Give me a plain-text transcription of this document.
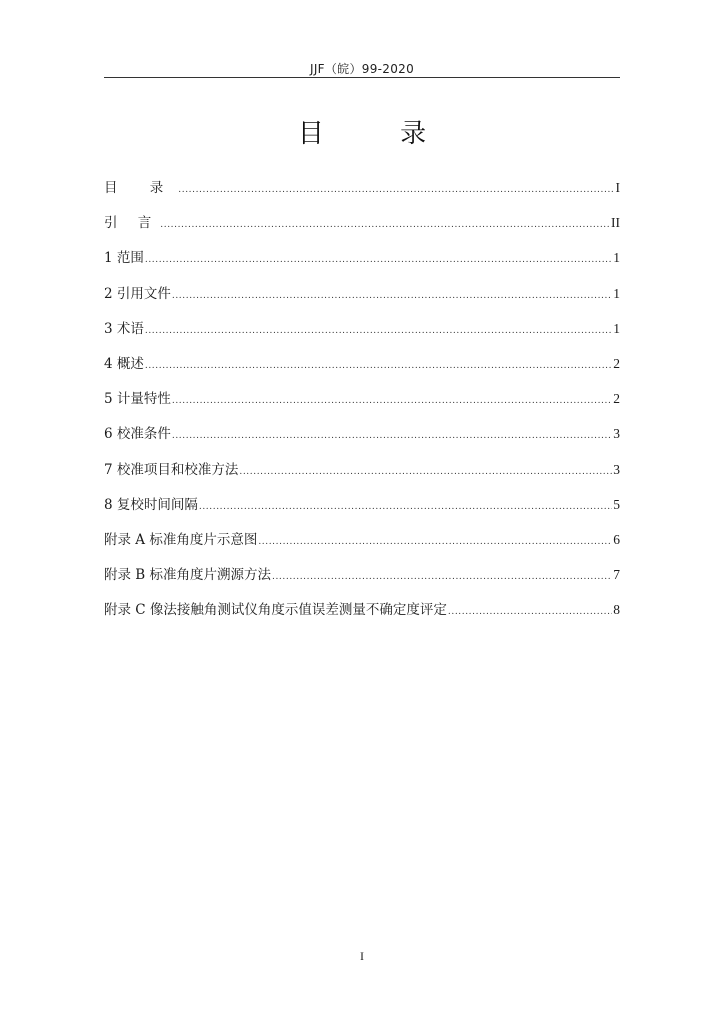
JJF（皖）99-2020
目 录
目 录 .....	I
引 言 .....	II
1 范围 .....	1
2 引用文件 .....	1
3 术语 .....	1
4 概述 .....	2
5 计量特性 .....	2
6 校准条件 .....	3
7 校准项目和校准方法 .....	3
8 复校时间间隔 .....	5
附录 A 标准角度片示意图 .....	6
附录 B 标准角度片溯源方法 .....	7
附录 C 像法接触角测试仪角度示值误差测量不确定度评定 .....	8
I
